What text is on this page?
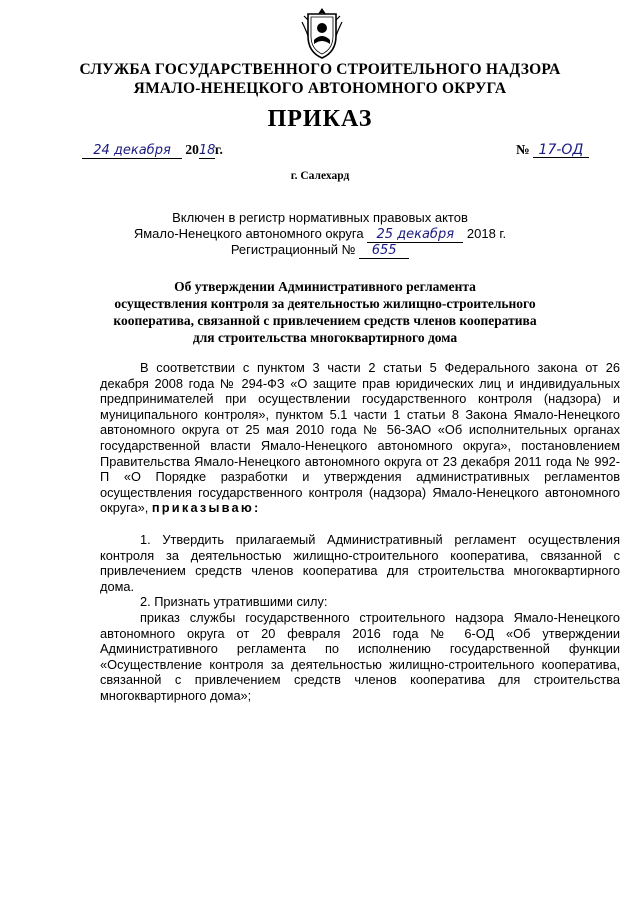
СЛУЖБА ГОСУДАРСТВЕННОГО СТРОИТЕЛЬНОГО НАДЗОРА
ЯМАЛО-НЕНЕЦКОГО АВТОНОМНОГО ОКРУГА
ПРИКАЗ
24 декабря 2018г.	№ 17-ОД
г. Салехард
Включен в регистр нормативных правовых актов
Ямало-Ненецкого автономного округа 25 декабря 2018 г.
Регистрационный № 655
Об утверждении Административного регламента
осуществления контроля за деятельностью жилищно-строительного
кооператива, связанной с привлечением средств членов кооператива
для строительства многоквартирного дома
В соответствии с пунктом 3 части 2 статьи 5 Федерального закона от 26 декабря 2008 года № 294-ФЗ «О защите прав юридических лиц и индивидуальных предпринимателей при осуществлении государственного контроля (надзора) и муниципального контроля», пунктом 5.1 части 1 статьи 8 Закона Ямало-Ненецкого автономного округа от 25 мая 2010 года № 56-ЗАО «Об исполнительных органах государственной власти Ямало-Ненецкого автономного округа», постановлением Правительства Ямало-Ненецкого автономного округа от 23 декабря 2011 года № 992-П «О Порядке разработки и утверждения административных регламентов осуществления государственного контроля (надзора) Ямало-Ненецкого автономного округа», приказываю:

1. Утвердить прилагаемый Административный регламент осуществления контроля за деятельностью жилищно-строительного кооператива, связанной с привлечением средств членов кооператива для строительства многоквартирного дома.

2. Признать утратившими силу:

приказ службы государственного строительного надзора Ямало-Ненецкого автономного округа от 20 февраля 2016 года № 6-ОД «Об утверждении Административного регламента по исполнению государственной функции «Осуществление контроля за деятельностью жилищно-строительного кооператива, связанной с привлечением средств членов кооператива для строительства многоквартирного дома»;
